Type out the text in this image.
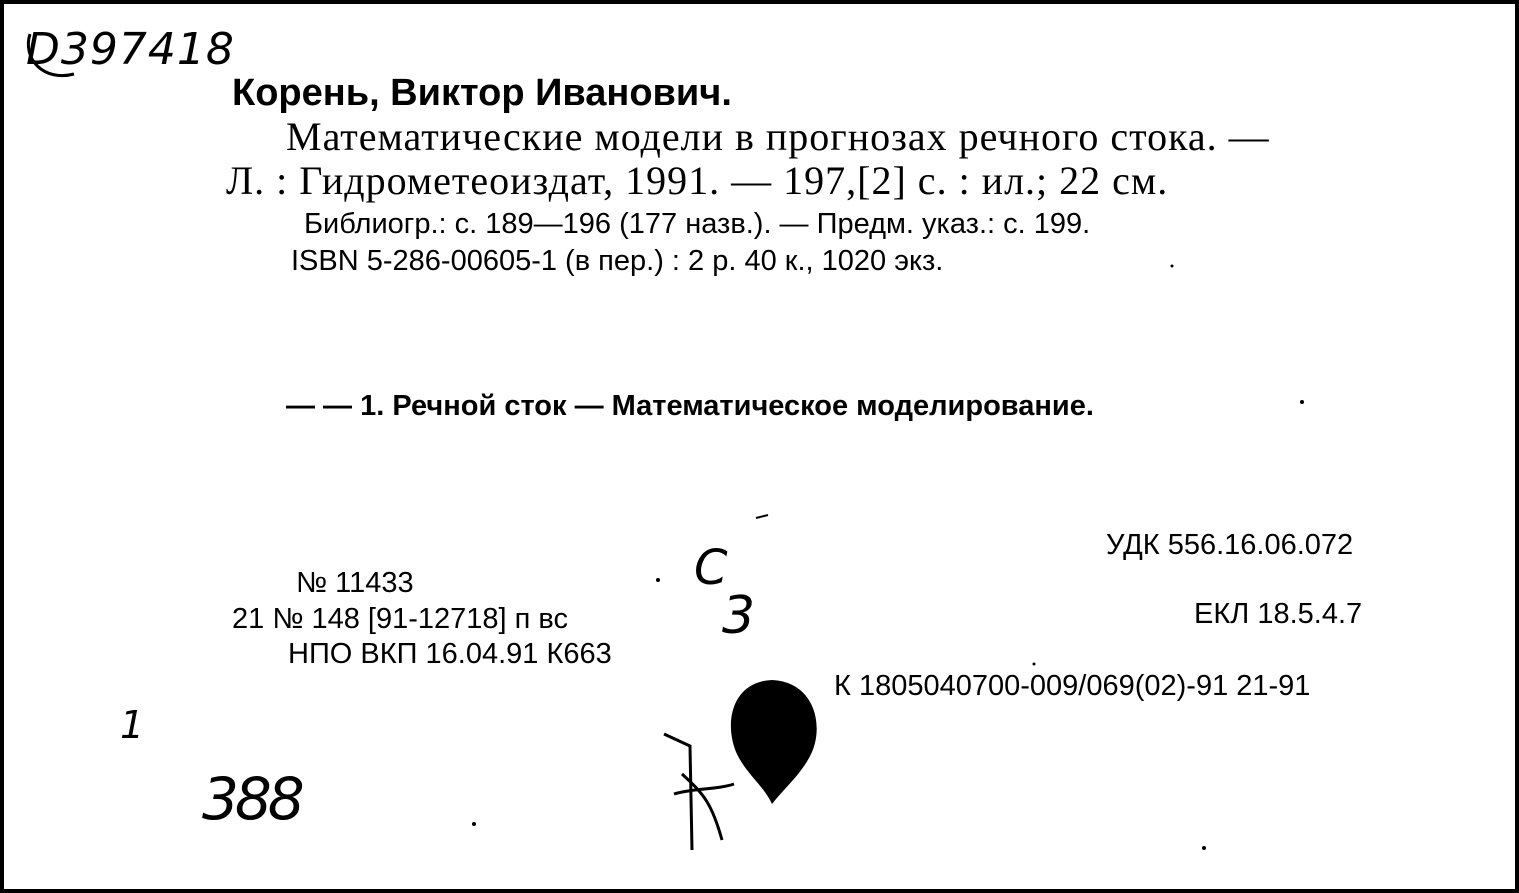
D397418
Корень, Виктор Иванович.
Математические модели в прогнозах речного стока. —
Л. : Гидрометеоиздат, 1991. — 197,[2] с. : ил.; 22 см.
Библиогр.: с. 189—196 (177 назв.). — Предм. указ.: с. 199.
ISBN 5-286-00605-1 (в пер.) : 2 р. 40 к., 1020 экз.
— — 1. Речной сток — Математическое моделирование.
УДК 556.16.06.072
ЕКЛ 18.5.4.7
К 1805040700-009/069(02)-91 21-91
№ 11433
21 № 148 [91-12718] п вс
НПО ВКП 16.04.91 К663
С
3
388
1
